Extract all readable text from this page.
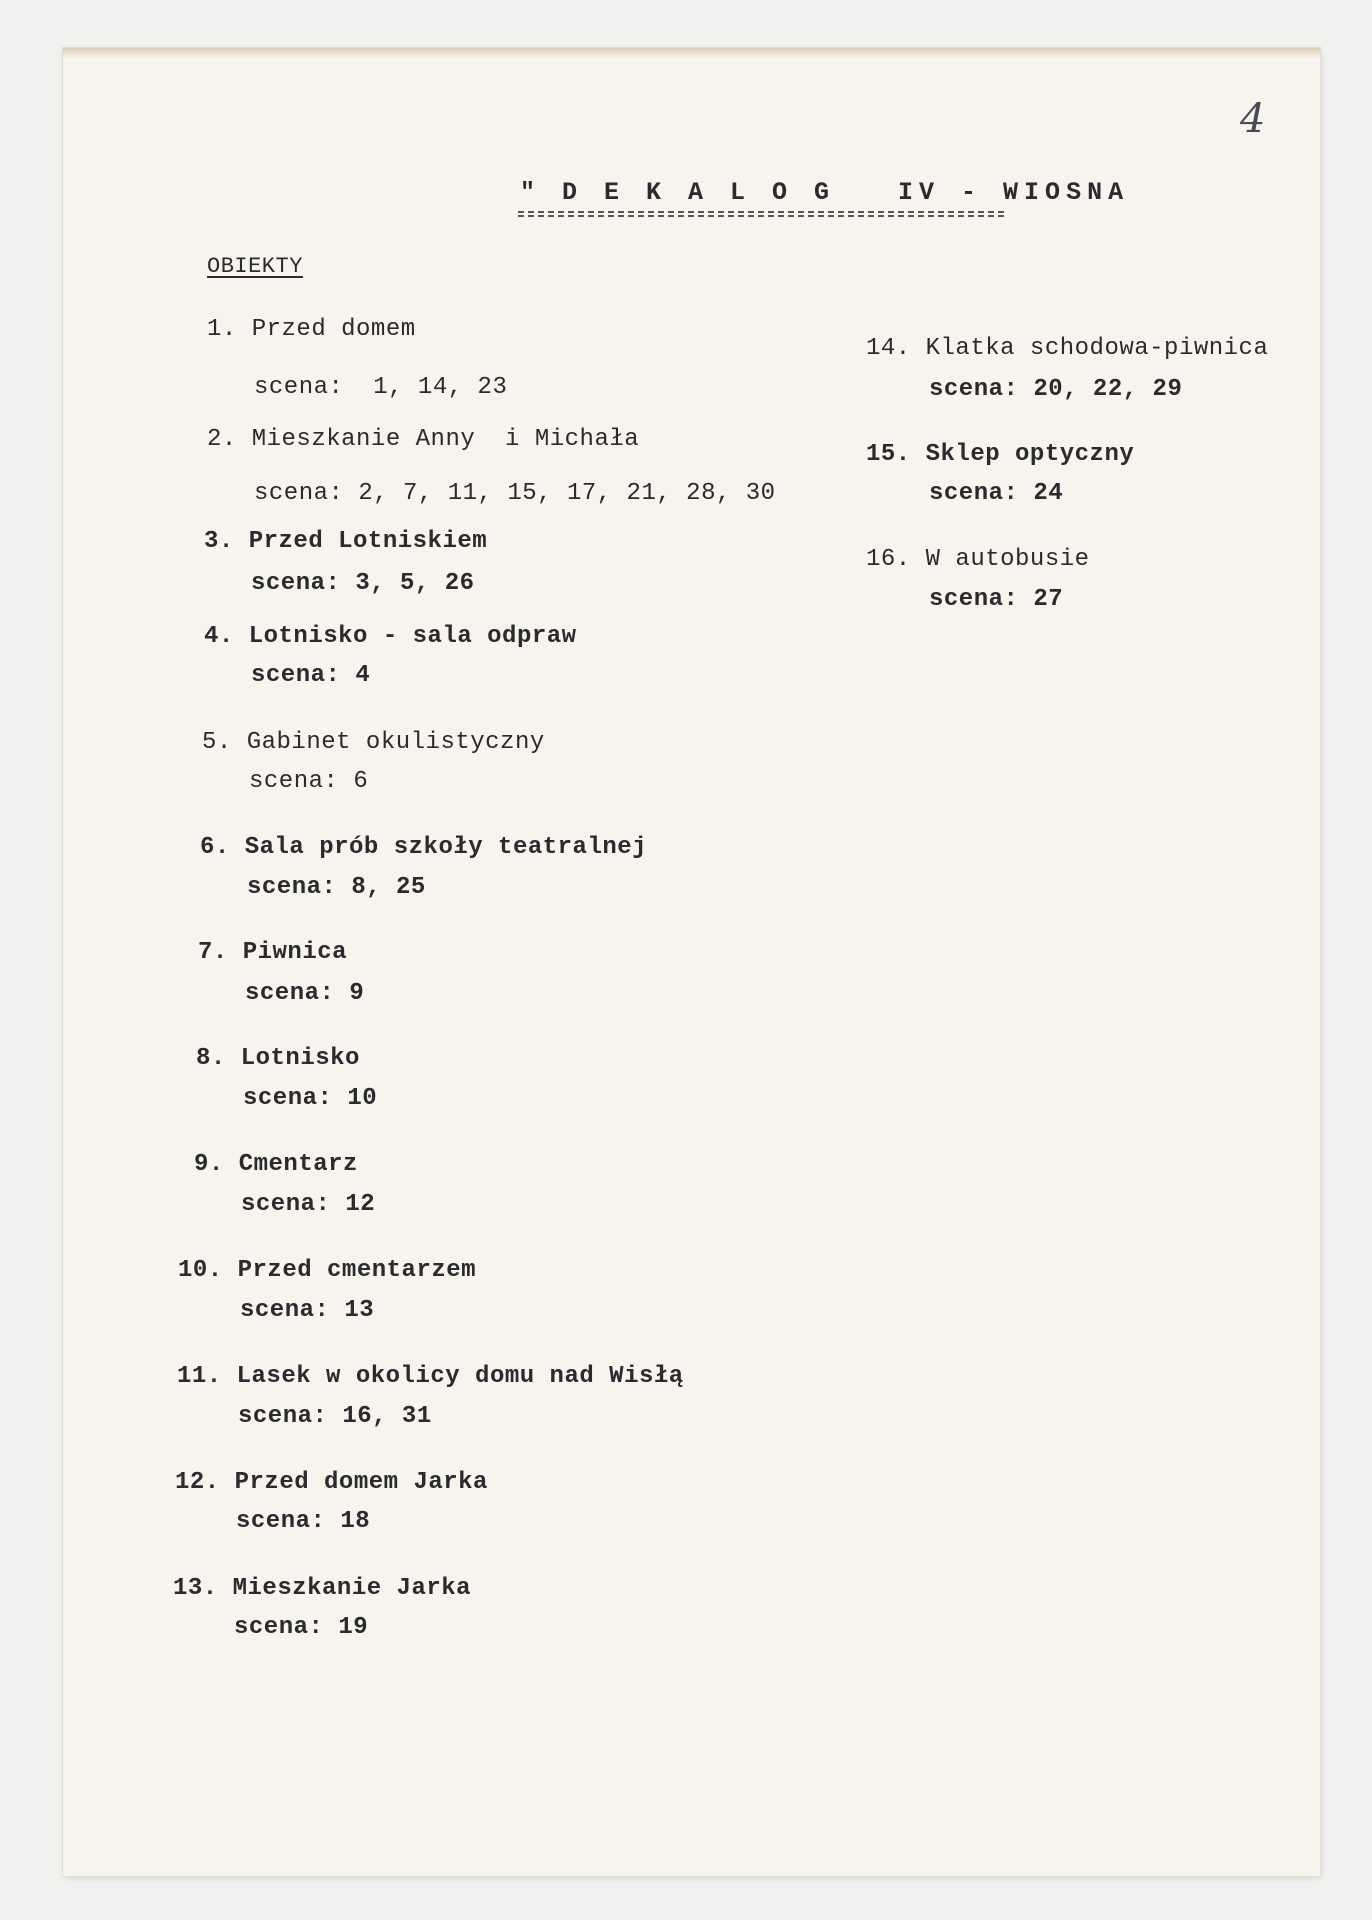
4
" D E K A L O G   IV - WIOSNA
OBIEKTY
1. Przed domem
scena:  1, 14, 23
2. Mieszkanie Anny  i Michała
scena: 2, 7, 11, 15, 17, 21, 28, 30
3. Przed Lotniskiem
scena: 3, 5, 26
4. Lotnisko - sala odpraw
scena: 4
5. Gabinet okulistyczny
scena: 6
6. Sala prób szkoły teatralnej
scena: 8, 25
7. Piwnica
scena: 9
8. Lotnisko
scena: 10
9. Cmentarz
scena: 12
10. Przed cmentarzem
scena: 13
11. Lasek w okolicy domu nad Wisłą
scena: 16, 31
12. Przed domem Jarka
scena: 18
13. Mieszkanie Jarka
scena: 19
14. Klatka schodowa-piwnica
scena: 20, 22, 29
15. Sklep optyczny
scena: 24
16. W autobusie
scena: 27
